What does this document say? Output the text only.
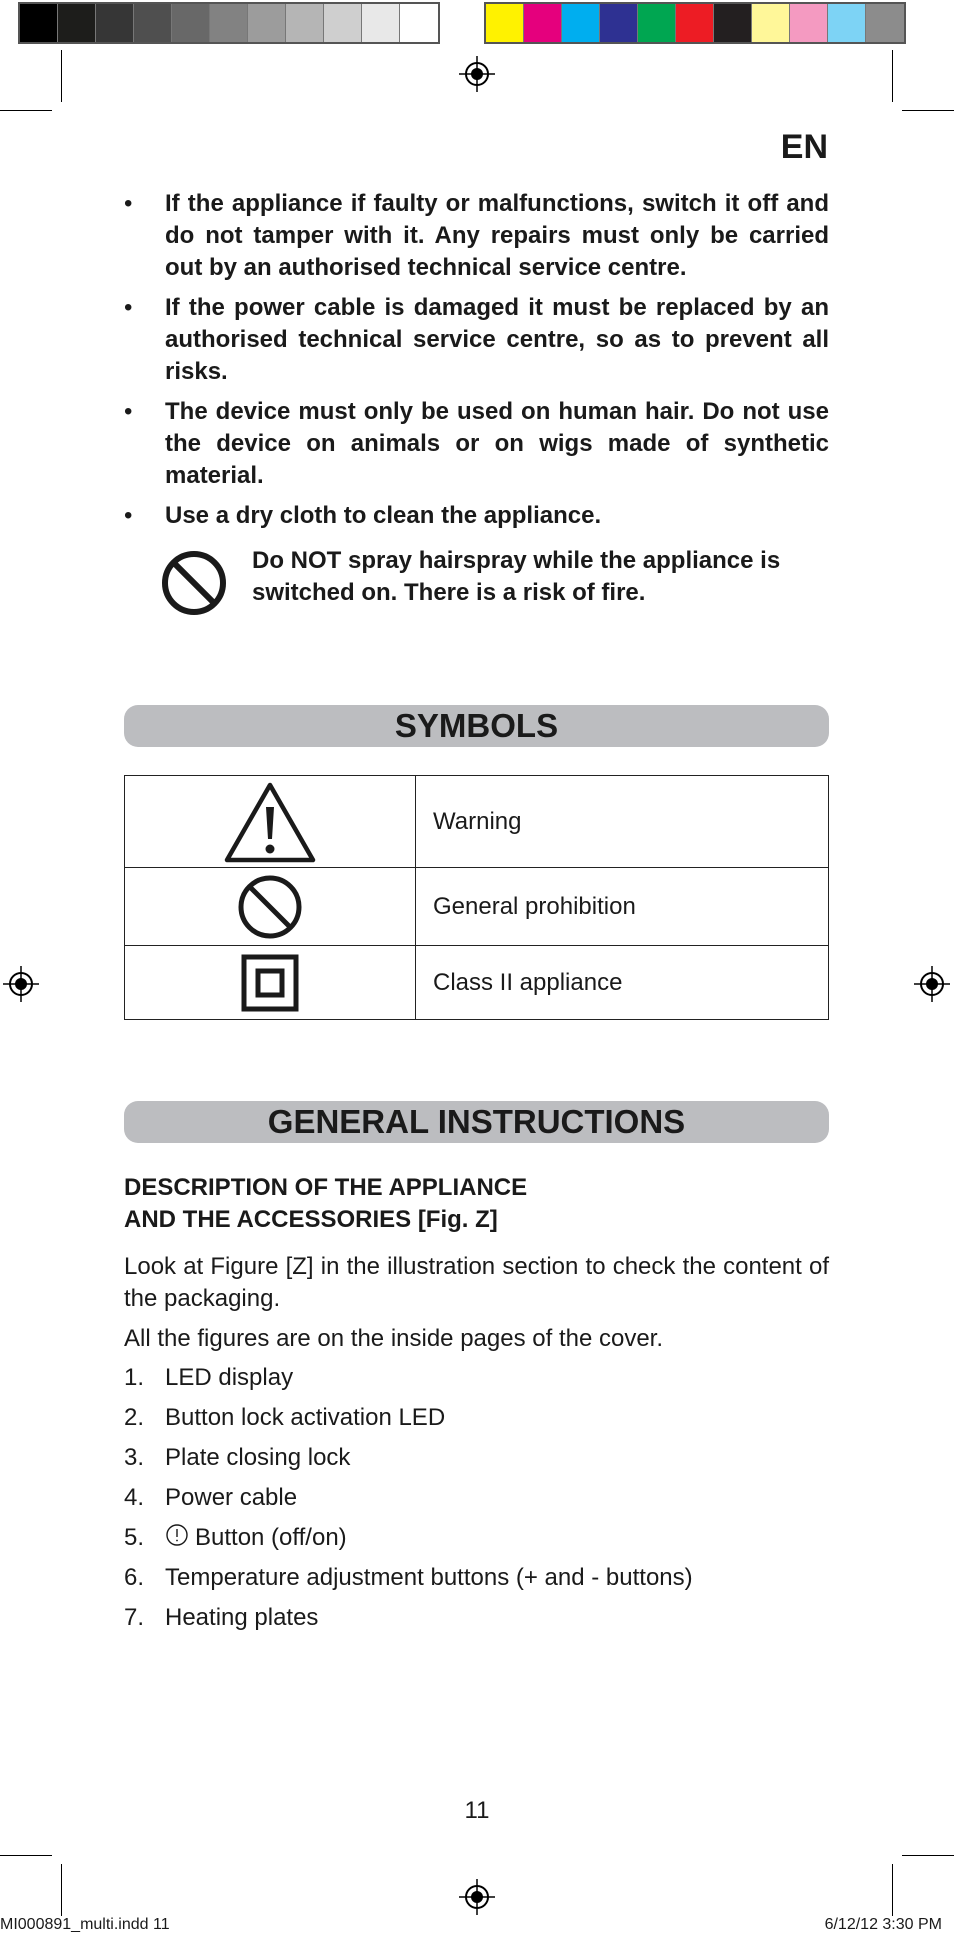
EN
• If the appliance if faulty or malfunctions, switch it off and do not tamper with it. Any repairs must only be carried out by an authorised technical service centre.
• If the power cable is damaged it must be replaced by an authorised technical service centre, so as to prevent all risks.
• The device must only be used on human hair. Do not use the device on animals or on wigs made of synthetic material.
• Use a dry cloth to clean the appliance.
Do NOT spray hairspray while the appliance is switched on. There is a risk of fire.
SYMBOLS
	Warning

	General prohibition

	Class II appliance
GENERAL INSTRUCTIONS
DESCRIPTION OF THE APPLIANCE
AND THE ACCESSORIES [Fig. Z]
Look at Figure [Z] in the illustration section to check the content of the packaging.
All the figures are on the inside pages of the cover.
1. LED display
2. Button lock activation LED
3. Plate closing lock
4. Power cable
5. Button (off/on)
6. Temperature adjustment buttons (+ and - buttons)
7. Heating plates
11
MI000891_multi.indd 11	6/12/12 3:30 PM
